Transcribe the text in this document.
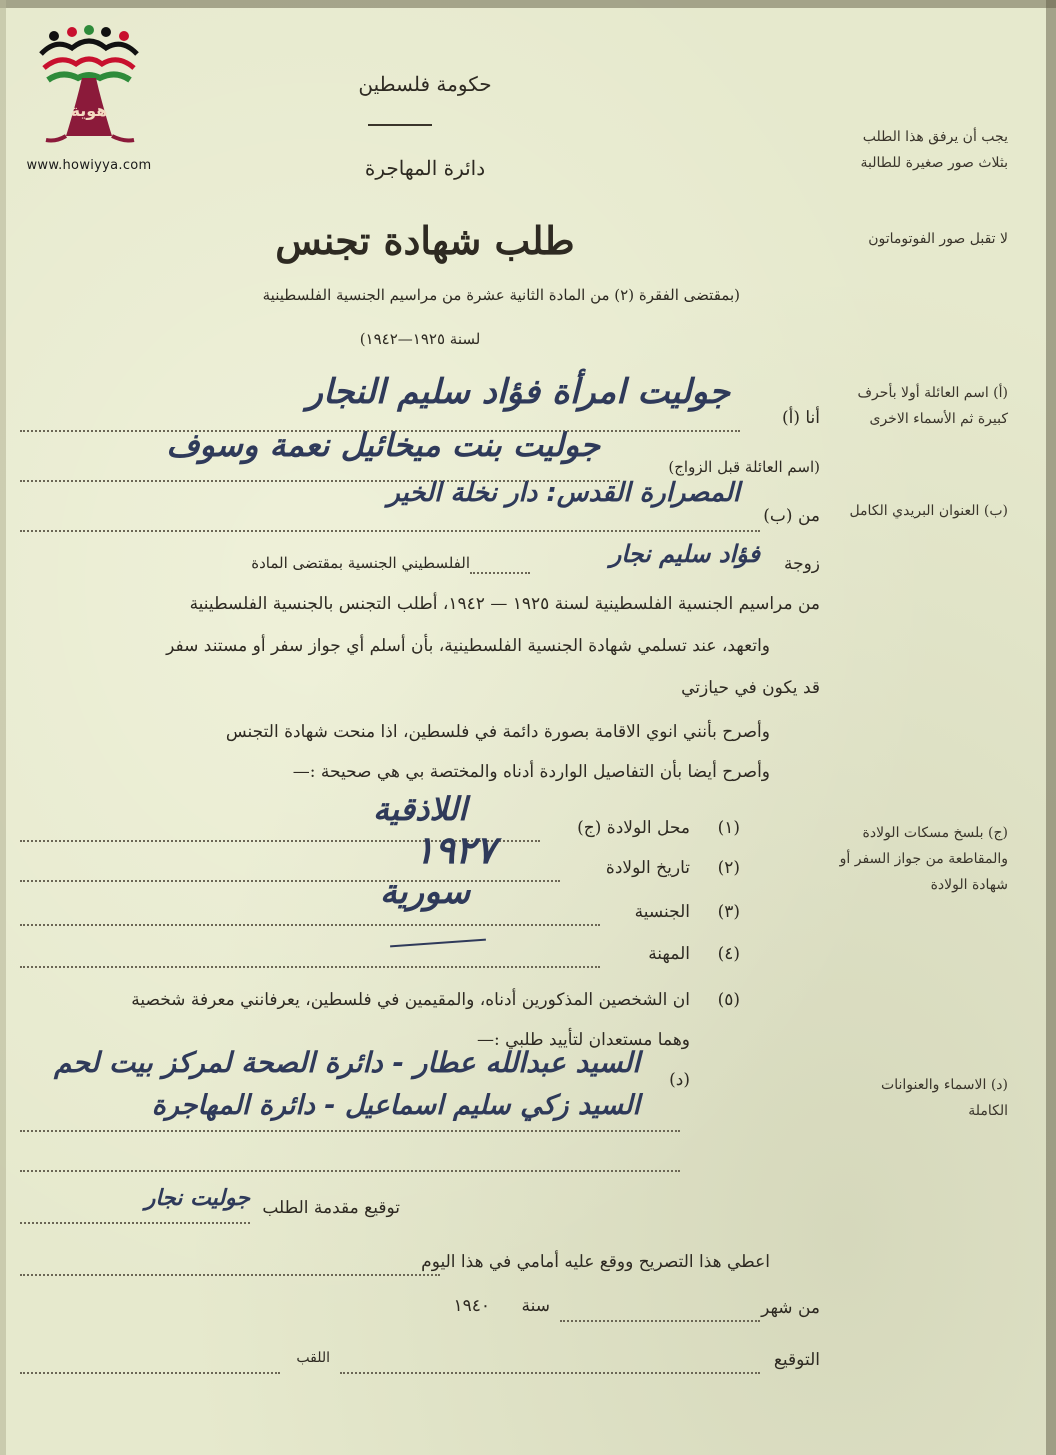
هوية
www.howiyya.com
حكومة فلسطين
دائرة المهاجرة
طلب شهادة تجنس
(بمقتضى الفقرة (٢) من المادة الثانية عشرة من مراسيم الجنسية الفلسطينية
لسنة ١٩٢٥—١٩٤٢)
يجب أن يرفق هذا الطلب بثلاث صور صغيرة للطالبة
لا تقبل صور الفوتوماتون
(أ) اسم العائلة أولا بأحرف كبيرة ثم الأسماء الاخرى
(ب) العنوان البريدي الكامل
(ج) بلسخ مسكات الولادة والمقاطعة من جواز السفر أو شهادة الولادة
(د) الاسماء والعنوانات الكاملة
أنا (أ)
جوليت امرأة فؤاد سليم النجار
(اسم العائلة قبل الزواج)
جوليت بنت ميخائيل نعمة وسوف
من (ب)
المصرارة القدس: دار نخلة الخير
زوجة
فؤاد سليم نجار
الفلسطيني الجنسية بمقتضى المادة
من مراسيم الجنسية الفلسطينية لسنة ١٩٢٥ — ١٩٤٢، أطلب التجنس بالجنسية الفلسطينية
واتعهد، عند تسلمي شهادة الجنسية الفلسطينية، بأن أسلم أي جواز سفر أو مستند سفر
قد يكون في حيازتي
وأصرح بأنني انوي الاقامة بصورة دائمة في فلسطين، اذا منحت شهادة التجنس
وأصرح أيضا بأن التفاصيل الواردة أدناه والمختصة بي هي صحيحة :—
(١)
محل الولادة (ج)
اللاذقية
(٢)
تاريخ الولادة
١٩٢٧
(٣)
الجنسية
سورية
(٤)
المهنة
(٥)
ان الشخصين المذكورين أدناه، والمقيمين في فلسطين، يعرفانني معرفة شخصية
وهما مستعدان لتأييد طلبي :—
(د)
السيد عبدالله عطار - دائرة الصحة لمركز بيت لحم
السيد زكي سليم اسماعيل - دائرة المهاجرة
توقيع مقدمة الطلب
جوليت نجار
اعطي هذا التصريح ووقع عليه أمامي في هذا اليوم
من شهر
سنة
١٩٤٠
التوقيع
اللقب
